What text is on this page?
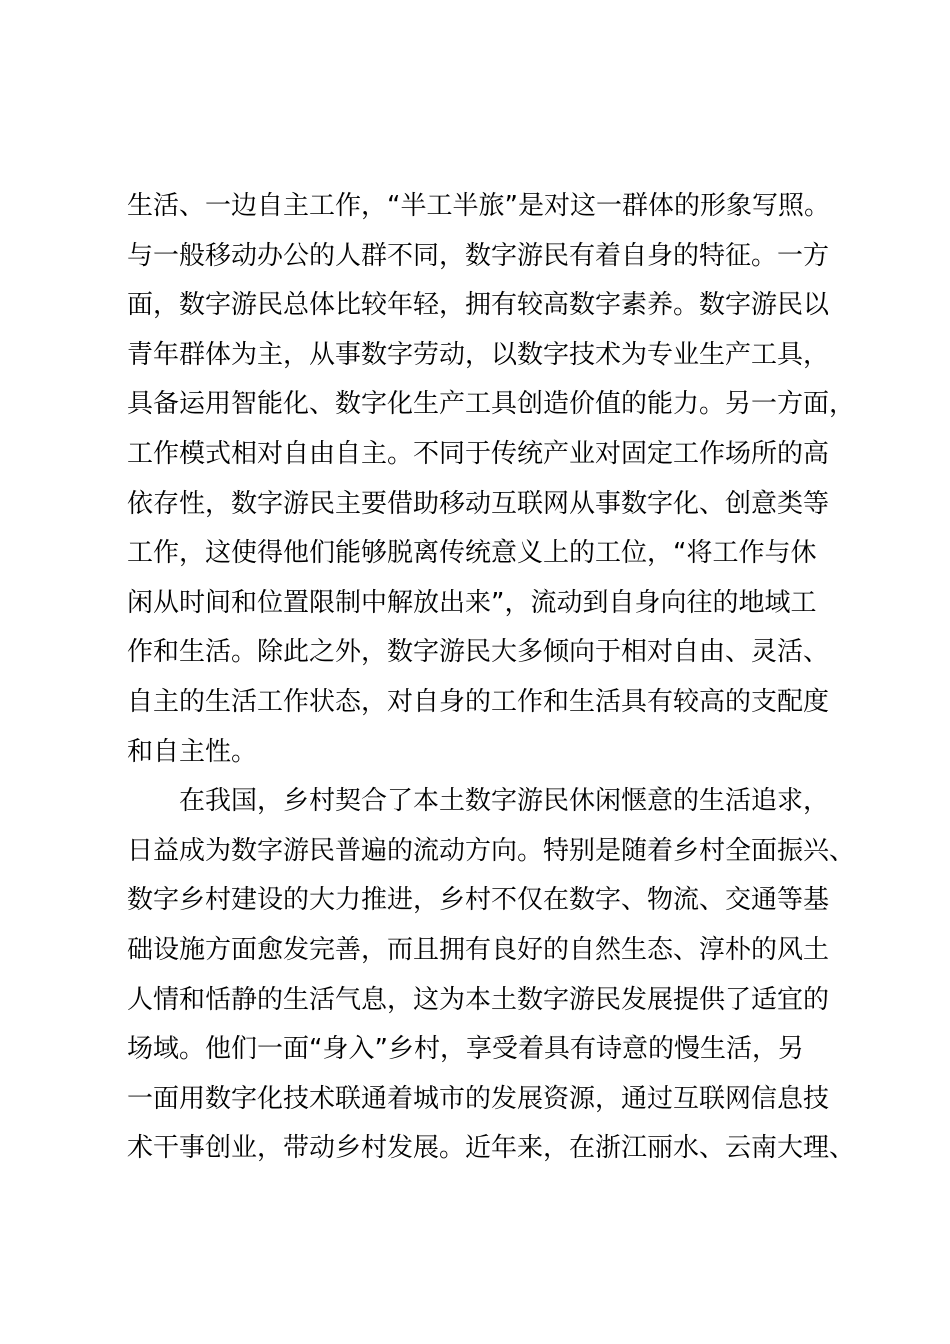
生活、一边自主工作，“半工半旅”是对这一群体的形象写照。
与一般移动办公的人群不同，数字游民有着自身的特征。一方
面，数字游民总体比较年轻，拥有较高数字素养。数字游民以
青年群体为主，从事数字劳动，以数字技术为专业生产工具，
具备运用智能化、数字化生产工具创造价值的能力。另一方面，
工作模式相对自由自主。不同于传统产业对固定工作场所的高
依存性，数字游民主要借助移动互联网从事数字化、创意类等
工作，这使得他们能够脱离传统意义上的工位，“将工作与休
闲从时间和位置限制中解放出来”，流动到自身向往的地域工
作和生活。除此之外，数字游民大多倾向于相对自由、灵活、
自主的生活工作状态，对自身的工作和生活具有较高的支配度
和自主性。
在我国，乡村契合了本土数字游民休闲惬意的生活追求，
日益成为数字游民普遍的流动方向。特别是随着乡村全面振兴、
数字乡村建设的大力推进，乡村不仅在数字、物流、交通等基
础设施方面愈发完善，而且拥有良好的自然生态、淳朴的风土
人情和恬静的生活气息，这为本土数字游民发展提供了适宜的
场域。他们一面“身入”乡村，享受着具有诗意的慢生活，另
一面用数字化技术联通着城市的发展资源，通过互联网信息技
术干事创业，带动乡村发展。近年来，在浙江丽水、云南大理、
